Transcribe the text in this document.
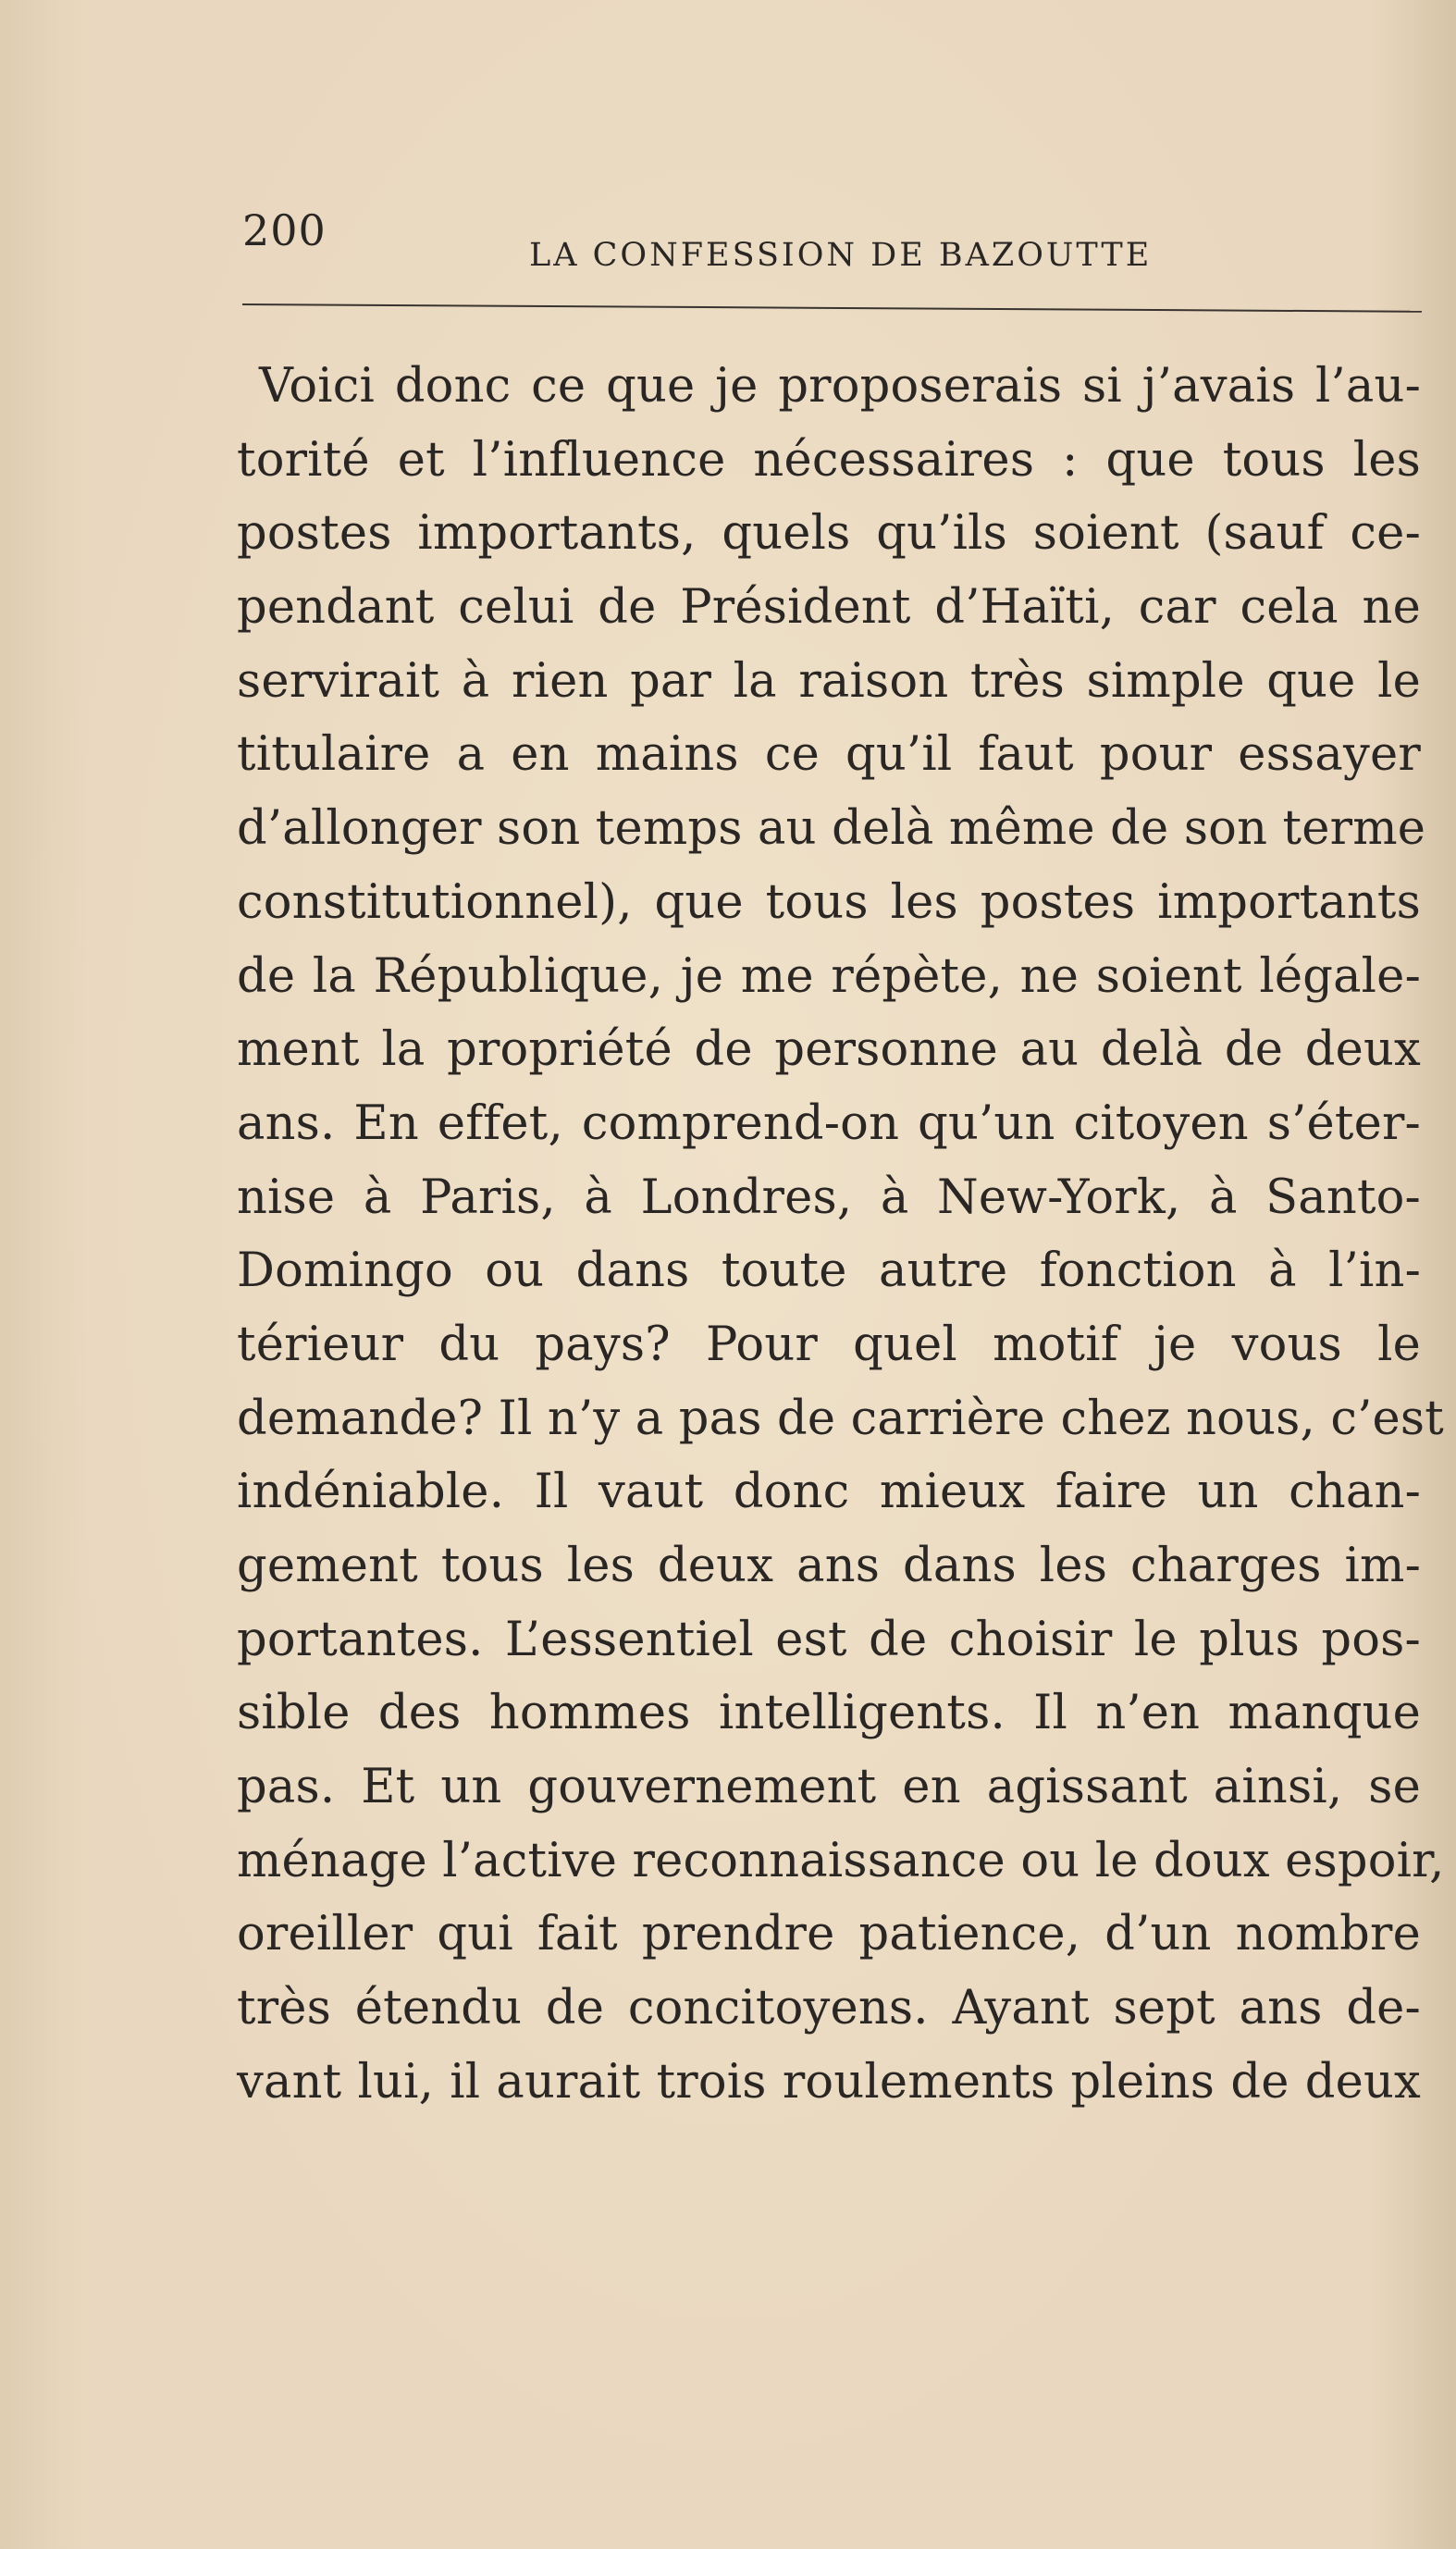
200	LA CONFESSION DE BAZOUTTE
Voici donc ce que je proposerais si j’avais l’au-
torité et l’influence nécessaires : que tous les
postes importants, quels qu’ils soient (sauf ce-
pendant celui de Président d’Haïti, car cela ne
servirait à rien par la raison très simple que le
titulaire a en mains ce qu’il faut pour essayer
d’allonger son temps au delà même de son terme
constitutionnel), que tous les postes importants
de la République, je me répète, ne soient légale-
ment la propriété de personne au delà de deux
ans. En effet, comprend-on qu’un citoyen s’éter-
nise à Paris, à Londres, à New-York, à Santo-
Domingo ou dans toute autre fonction à l’in-
térieur du pays? Pour quel motif je vous le
demande? Il n’y a pas de carrière chez nous, c’est
indéniable. Il vaut donc mieux faire un chan-
gement tous les deux ans dans les charges im-
portantes. L’essentiel est de choisir le plus pos-
sible des hommes intelligents. Il n’en manque
pas. Et un gouvernement en agissant ainsi, se
ménage l’active reconnaissance ou le doux espoir,
oreiller qui fait prendre patience, d’un nombre
très étendu de concitoyens. Ayant sept ans de-
vant lui, il aurait trois roulements pleins de deux
